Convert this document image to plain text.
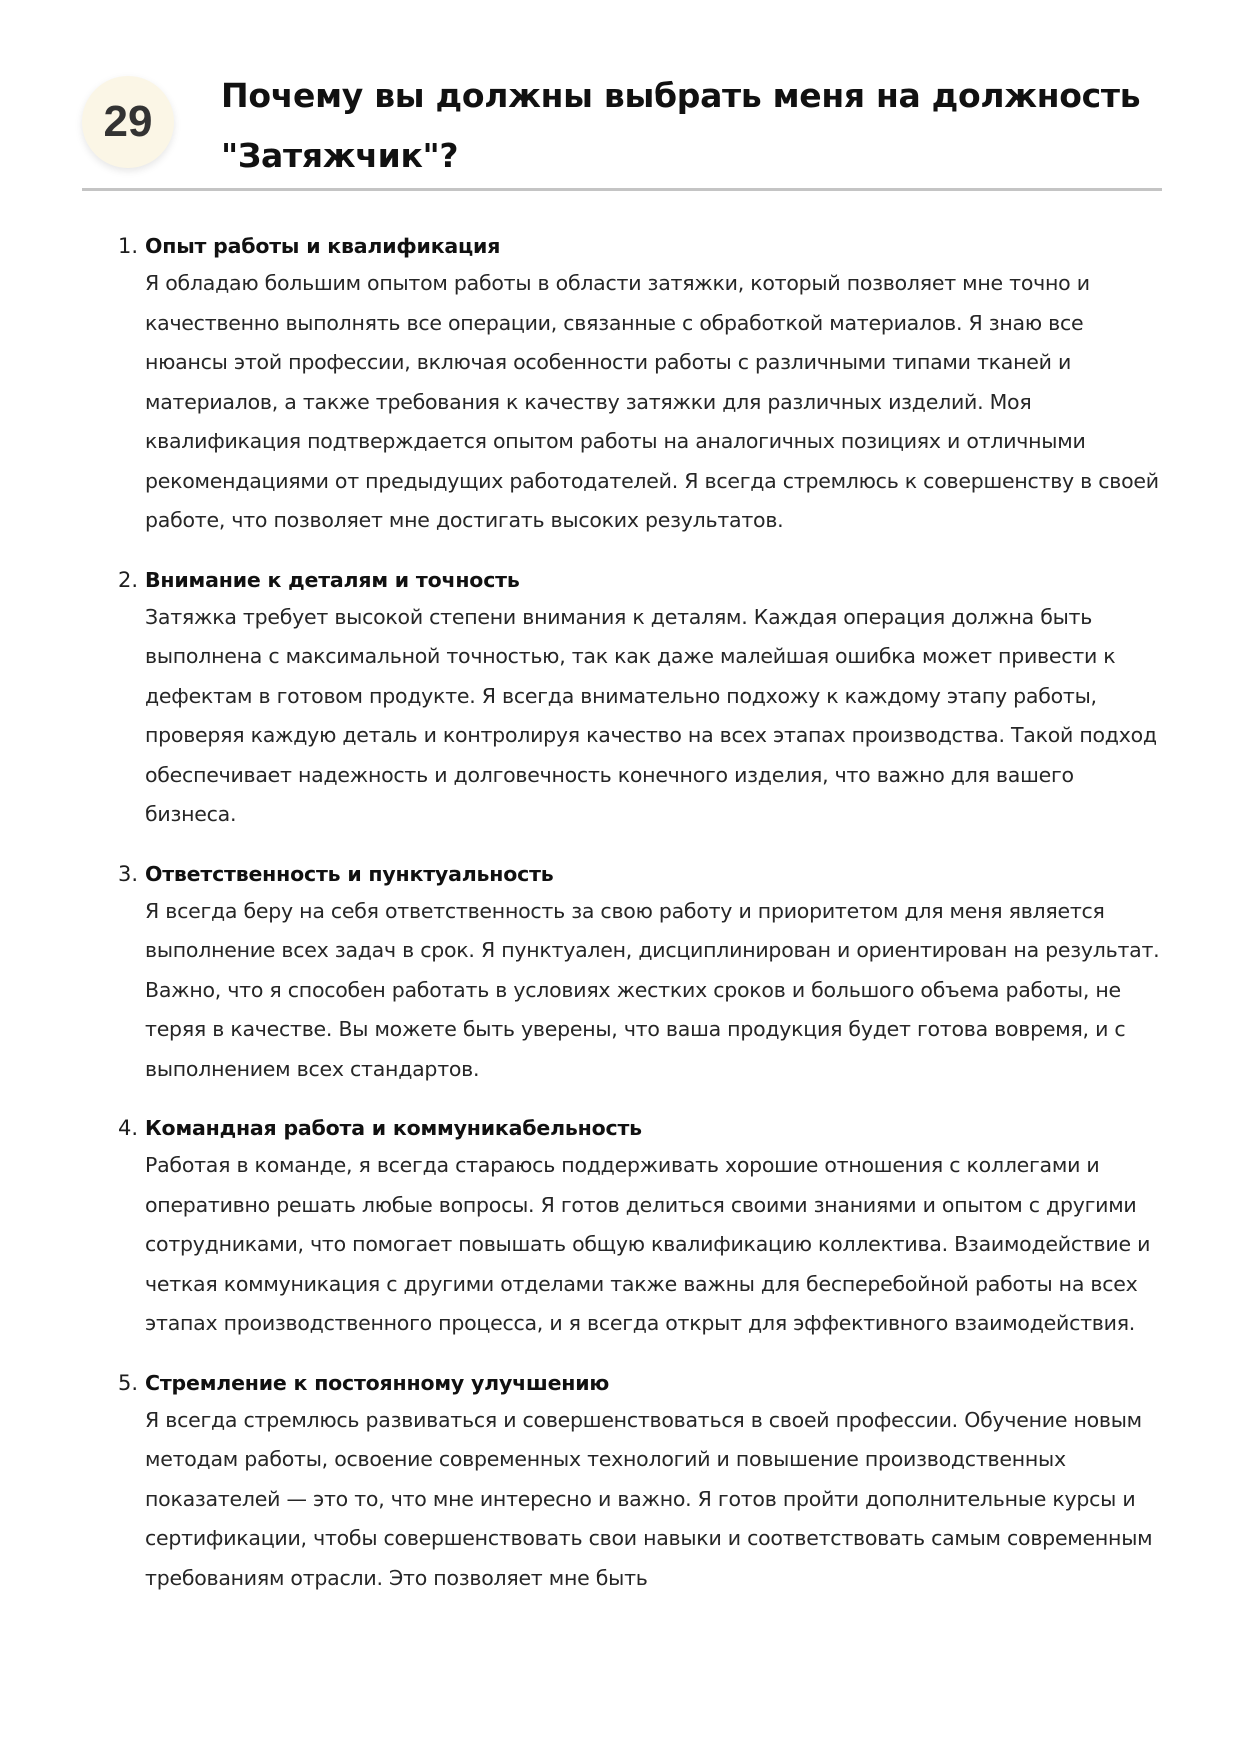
29
Почему вы должны выбрать меня на должность "Затяжчик"?
1. Опыт работы и квалификация
Я обладаю большим опытом работы в области затяжки, который позволяет мне точно и качественно выполнять все операции, связанные с обработкой материалов. Я знаю все нюансы этой профессии, включая особенности работы с различными типами тканей и материалов, а также требования к качеству затяжки для различных изделий. Моя квалификация подтверждается опытом работы на аналогичных позициях и отличными рекомендациями от предыдущих работодателей. Я всегда стремлюсь к совершенству в своей работе, что позволяет мне достигать высоких результатов.
2. Внимание к деталям и точность
Затяжка требует высокой степени внимания к деталям. Каждая операция должна быть выполнена с максимальной точностью, так как даже малейшая ошибка может привести к дефектам в готовом продукте. Я всегда внимательно подхожу к каждому этапу работы, проверяя каждую деталь и контролируя качество на всех этапах производства. Такой подход обеспечивает надежность и долговечность конечного изделия, что важно для вашего бизнеса.
3. Ответственность и пунктуальность
Я всегда беру на себя ответственность за свою работу и приоритетом для меня является выполнение всех задач в срок. Я пунктуален, дисциплинирован и ориентирован на результат. Важно, что я способен работать в условиях жестких сроков и большого объема работы, не теряя в качестве. Вы можете быть уверены, что ваша продукция будет готова вовремя, и с выполнением всех стандартов.
4. Командная работа и коммуникабельность
Работая в команде, я всегда стараюсь поддерживать хорошие отношения с коллегами и оперативно решать любые вопросы. Я готов делиться своими знаниями и опытом с другими сотрудниками, что помогает повышать общую квалификацию коллектива. Взаимодействие и четкая коммуникация с другими отделами также важны для бесперебойной работы на всех этапах производственного процесса, и я всегда открыт для эффективного взаимодействия.
5. Стремление к постоянному улучшению
Я всегда стремлюсь развиваться и совершенствоваться в своей профессии. Обучение новым методам работы, освоение современных технологий и повышение производственных показателей — это то, что мне интересно и важно. Я готов пройти дополнительные курсы и сертификации, чтобы совершенствовать свои навыки и соответствовать самым современным требованиям отрасли. Это позволяет мне быть
